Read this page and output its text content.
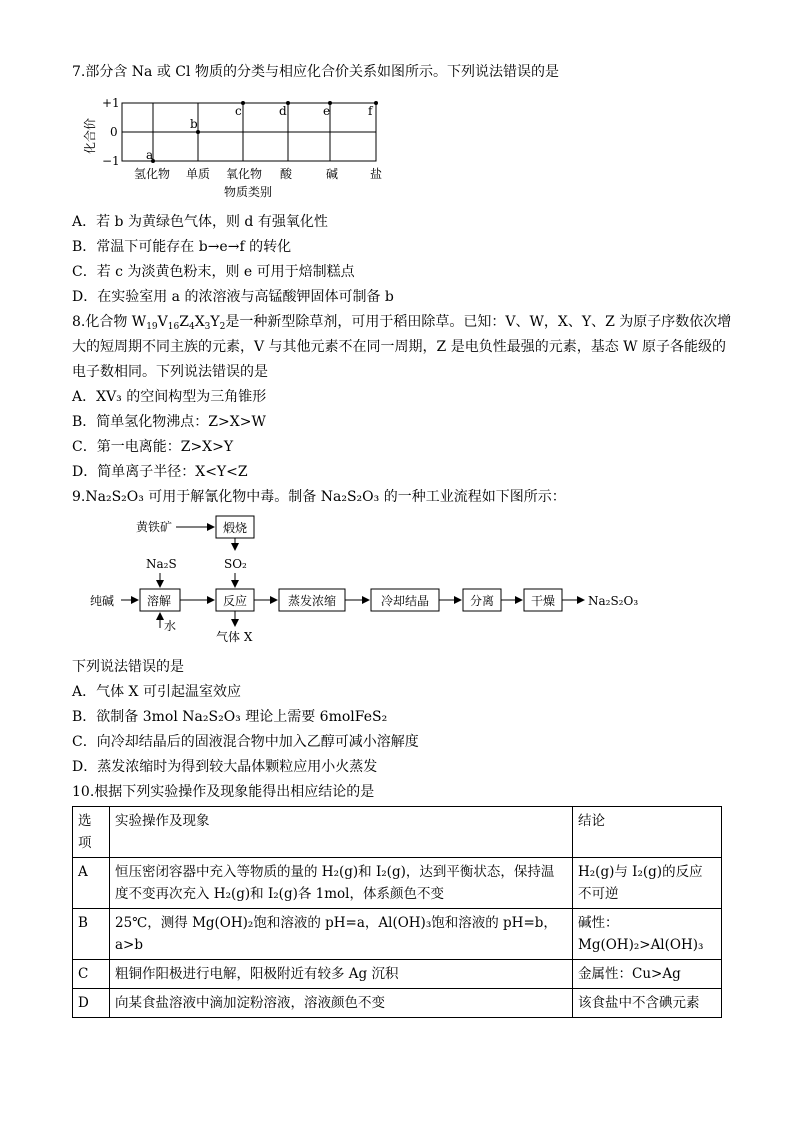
7.部分含 Na 或 Cl 物质的分类与相应化合价关系如图所示。下列说法错误的是
化合价
+1
0
−1 a
b
c	d	e	f
氢化物 单质 氧化物 酸	碱	盐
物质类别
A．若 b 为黄绿色气体，则 d 有强氧化性
B．常温下可能存在 b→e→f 的转化
C．若 c 为淡黄色粉末，则 e 可用于焙制糕点
D．在实验室用 a 的浓溶液与高锰酸钾固体可制备 b
8.化合物 $W_{19}V_{16}Z_4X_3Y_2$是一种新型除草剂，可用于稻田除草。已知：V、W，X、Y、Z 为原子序数依次增
大的短周期不同主族的元素，V 与其他元素不在同一周期，Z 是电负性最强的元素，基态 W 原子各能级的
电子数相同。下列说法错误的是
A．XV₃ 的空间构型为三角锥形
B．简单氢化物沸点：Z>X>W
C．第一电离能：Z>X>Y
D．简单离子半径：X<Y<Z
9.Na₂S₂O₃ 可用于解氰化物中毒。制备 Na₂S₂O₃ 的一种工业流程如下图所示：
黄铁矿	煅烧
Na₂S	SO₂
纯碱	溶解
水
反应
气体 X
蒸发浓缩	冷却结晶	分离	干燥	Na₂S₂O₃
下列说法错误的是
A．气体 X 可引起温室效应
B．欲制备 3mol Na₂S₂O₃ 理论上需要 6molFeS₂
C．向冷却结晶后的固液混合物中加入乙醇可减小溶解度
D．蒸发浓缩时为得到较大晶体颗粒应用小火蒸发
10.根据下列实验操作及现象能得出相应结论的是
选项	实验操作及现象	结论
A	恒压密闭容器中充入等物质的量的 H₂(g)和 I₂(g)，达到平衡状态，保持温度不变再次充入 H₂(g)和 I₂(g)各 1mol，体系颜色不变	H₂(g)与 I₂(g)的反应不可逆
B	25℃，测得 Mg(OH)₂饱和溶液的 pH=a，Al(OH)₃饱和溶液的 pH=b，a>b	碱性：Mg(OH)₂>Al(OH)₃
C	粗铜作阳极进行电解，阳极附近有较多 Ag 沉积	金属性：Cu>Ag
D	向某食盐溶液中滴加淀粉溶液，溶液颜色不变	该食盐中不含碘元素
